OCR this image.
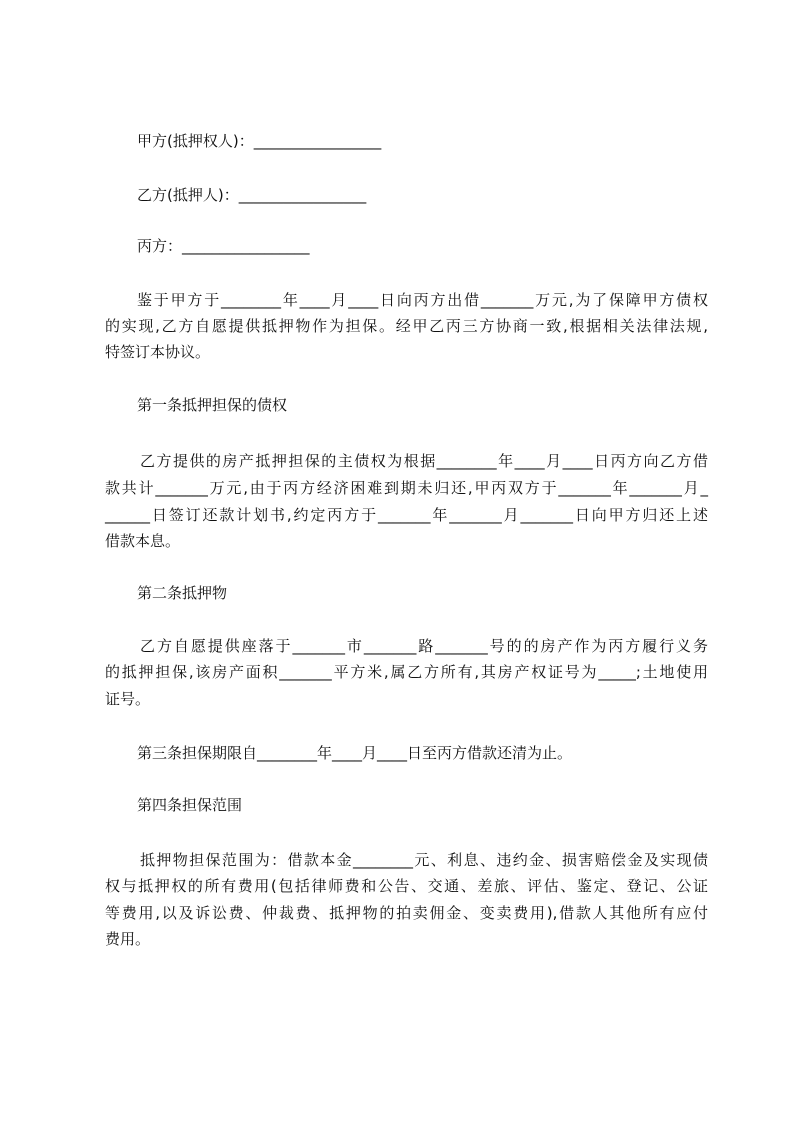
甲方(抵押权人)：_________________
乙方(抵押人)：_________________
丙方：_________________
鉴于甲方于________年____月____日向丙方出借_______万元,为了保障甲方债权
的实现,乙方自愿提供抵押物作为担保。经甲乙丙三方协商一致,根据相关法律法规,
特签订本协议。
第一条抵押担保的债权
乙方提供的房产抵押担保的主债权为根据________年____月____日丙方向乙方借
款共计_______万元,由于丙方经济困难到期未归还,甲丙双方于_______年_______月_
______日签订还款计划书,约定丙方于_______年_______月_______日向甲方归还上述
借款本息。
第二条抵押物
乙方自愿提供座落于_______市_______路_______号的的房产作为丙方履行义务
的抵押担保,该房产面积_______平方米,属乙方所有,其房产权证号为_____;土地使用
证号。
第三条担保期限自________年____月____日至丙方借款还清为止。
第四条担保范围
抵押物担保范围为：借款本金________元、利息、违约金、损害赔偿金及实现债
权与抵押权的所有费用(包括律师费和公告、交通、差旅、评估、鉴定、登记、公证
等费用,以及诉讼费、仲裁费、抵押物的拍卖佣金、变卖费用),借款人其他所有应付
费用。
